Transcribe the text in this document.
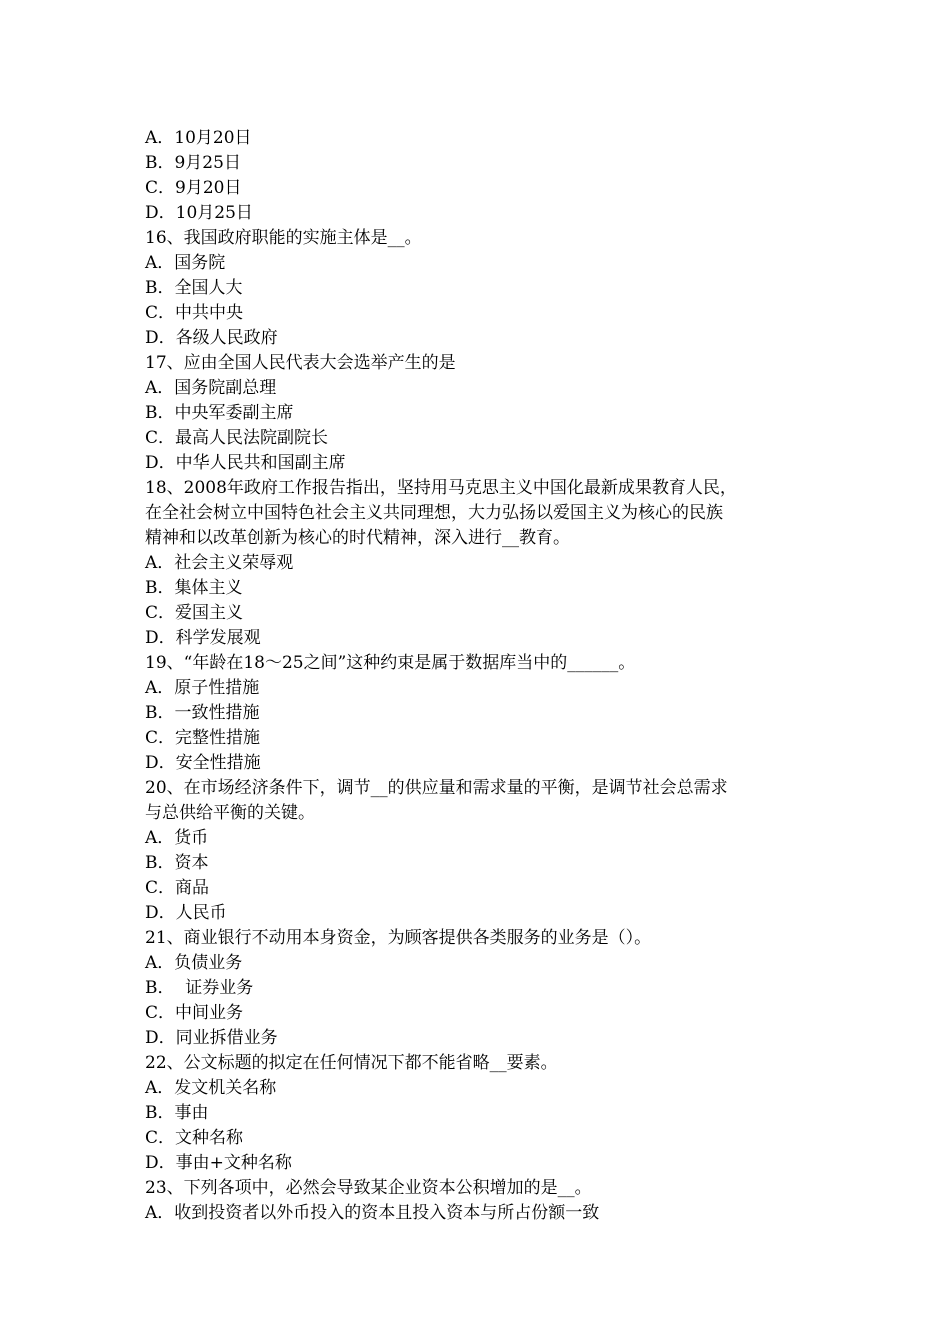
A．10月20日

B．9月25日

C．9月20日

D．10月25日

16、我国政府职能的实施主体是__。

A．国务院

B．全国人大

C．中共中央

D．各级人民政府

17、应由全国人民代表大会选举产生的是

A．国务院副总理

B．中央军委副主席

C．最高人民法院副院长

D．中华人民共和国副主席

18、2008年政府工作报告指出，坚持用马克思主义中国化最新成果教育人民，

在全社会树立中国特色社会主义共同理想，大力弘扬以爱国主义为核心的民族

精神和以改革创新为核心的时代精神，深入进行__教育。

A．社会主义荣辱观

B．集体主义

C．爱国主义

D．科学发展观

19、“年龄在18～25之间”这种约束是属于数据库当中的______。

A．原子性措施

B．一致性措施

C．完整性措施

D．安全性措施

20、在市场经济条件下，调节__的供应量和需求量的平衡，是调节社会总需求

与总供给平衡的关键。

A．货币

B．资本

C．商品

D．人民币

21、商业银行不动用本身资金，为顾客提供各类服务的业务是（）。

A．负债业务

B．  证券业务

C．中间业务

D．同业拆借业务

22、公文标题的拟定在任何情况下都不能省略__要素。

A．发文机关名称

B．事由

C．文种名称

D．事由+文种名称

23、下列各项中，必然会导致某企业资本公积增加的是__。

A．收到投资者以外币投入的资本且投入资本与所占份额一致
